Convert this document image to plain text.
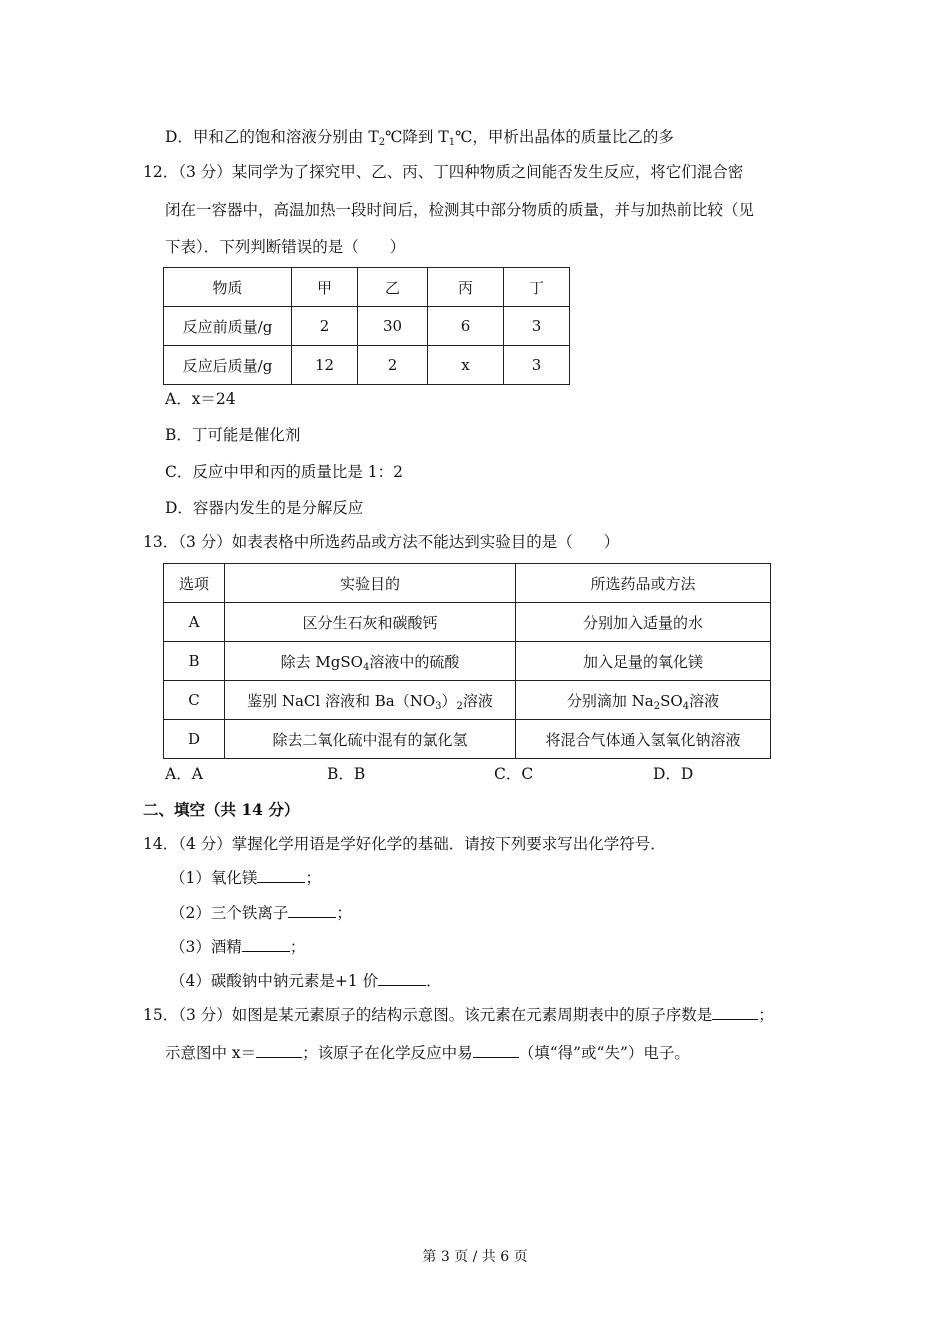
D．甲和乙的饱和溶液分别由 $T_2℃$降到 $T_1℃$，甲析出晶体的质量比乙的多
12．（3 分）某同学为了探究甲、乙、丙、丁四种物质之间能否发生反应，将它们混合密
闭在一容器中，高温加热一段时间后，检测其中部分物质的质量，并与加热前比较（见
下表）．下列判断错误的是（　　）
物质	甲	乙	丙	丁
反应前质量/g	2	30	6	3
反应后质量/g	12	2	x	3
A．x＝24
B．丁可能是催化剂
C．反应中甲和丙的质量比是 1：2
D．容器内发生的是分解反应
13．（3 分）如表表格中所选药品或方法不能达到实验目的是（　　）
选项	实验目的	所选药品或方法
A	区分生石灰和碳酸钙	分别加入适量的水
B	除去 MgSO$_4$溶液中的硫酸	加入足量的氧化镁
C	鉴别 NaCl 溶液和 $Ba(NO_3)_2$溶液	分别滴加 $Na_2SO_4$溶液
D	除去二氧化硫中混有的氯化氢	将混合气体通入氢氧化钠溶液
A．A	B．B	C．C	D．D
二、填空（共 14 分）
14．（4 分）掌握化学用语是学好化学的基础．请按下列要求写出化学符号．
（1）氧化镁	；
（2）三个铁离子	；
（3）酒精	；
（4）碳酸钠中钠元素是+1 价	．
15．（3 分）如图是某元素原子的结构示意图。该元素在元素周期表中的原子序数是	；
示意图中 x＝	；该原子在化学反应中易	（填“得”或“失”）电子。
第 3 页 / 共 6 页
